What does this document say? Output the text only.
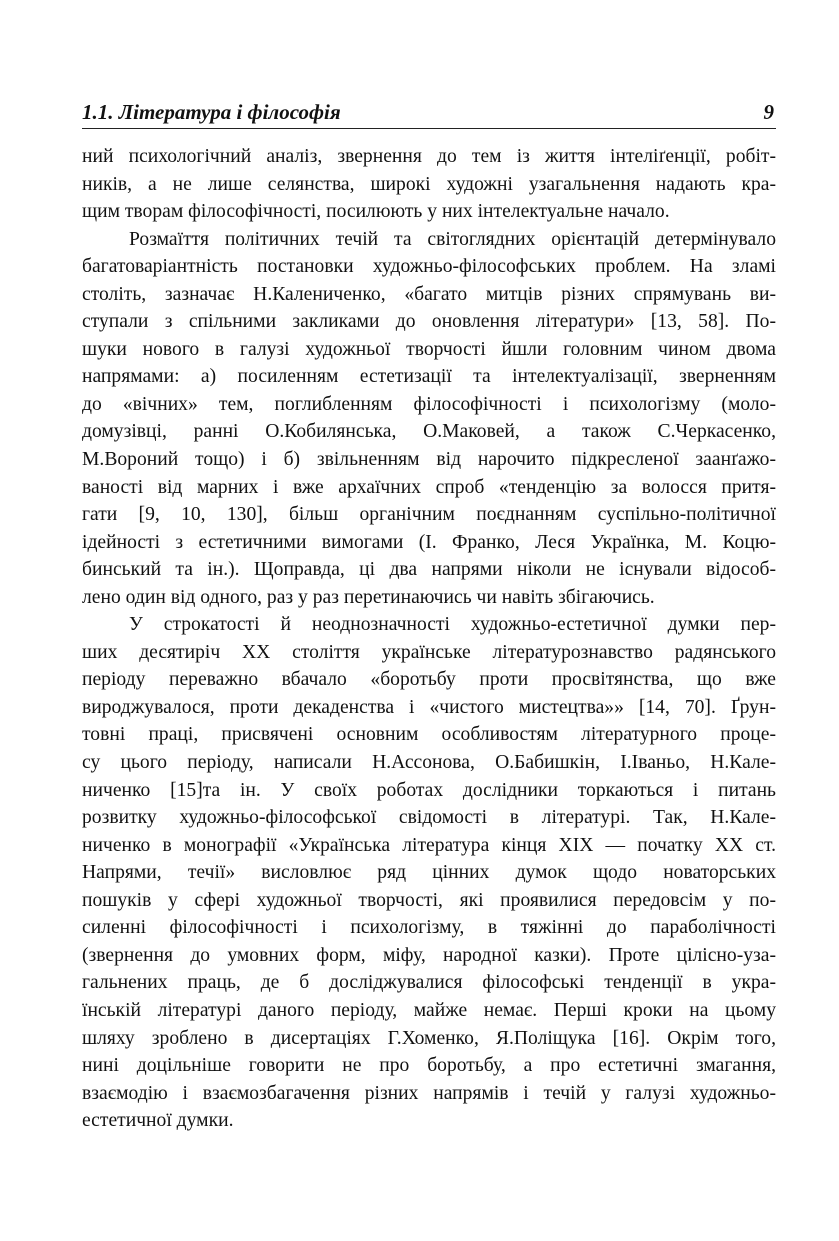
1.1. Література і філософія	9
ний психологічний аналіз, звернення до тем із життя інтеліґенції, робіт-
ників, а не лише селянства, широкі художні узагальнення надають кра-
щим творам філософічності, посилюють у них інтелектуальне начало.
Розмаїття політичних течій та світоглядних орієнтацій детермінувало
багатоваріантність постановки художньо-філософських проблем. На зламі
століть, зазначає Н.Калениченко, «багато митців різних спрямувань ви-
ступали з спільними закликами до оновлення літератури» [13, 58]. По-
шуки нового в галузі художньої творчості йшли головним чином двома
напрямами: а) посиленням естетизації та інтелектуалізації, зверненням
до «вічних» тем, поглибленням філософічності і психологізму (моло-
домузівці, ранні О.Кобилянська, О.Маковей, а також С.Черкасенко,
М.Вороний тощо) і б) звільненням від нарочито підкресленої заанґажо-
ваності від марних і вже архаїчних спроб «тенденцію за волосся притя-
гати [9, 10, 130], більш органічним поєднанням суспільно-політичної
ідейності з естетичними вимогами (І. Франко, Леся Українка, М. Коцю-
бинський та ін.). Щоправда, ці два напрями ніколи не існували відособ-
лено один від одного, раз у раз перетинаючись чи навіть збігаючись.
У строкатості й неоднозначності художньо-естетичної думки пер-
ших десятиріч ХХ століття українське літературознавство радянського
періоду переважно вбачало «боротьбу проти просвітянства, що вже
вироджувалося, проти декаденства і «чистого мистецтва»» [14, 70]. Ґрун-
товні праці, присвячені основним особливостям літературного проце-
су цього періоду, написали Н.Ассонова, О.Бабишкін, І.Іваньо, Н.Кале-
ниченко [15]та ін. У своїх роботах дослідники торкаються і питань
розвитку художньо-філософської свідомості в літературі. Так, Н.Кале-
ниченко в монографії «Українська література кінця ХІХ — початку ХХ ст.
Напрями, течії» висловлює ряд цінних думок щодо новаторських
пошуків у сфері художньої творчості, які проявилися передовсім у по-
силенні філософічності і психологізму, в тяжінні до параболічності
(звернення до умовних форм, міфу, народної казки). Проте цілісно-уза-
гальнених праць, де б досліджувалися філософські тенденції в укра-
їнській літературі даного періоду, майже немає. Перші кроки на цьому
шляху зроблено в дисертаціях Г.Хоменко, Я.Поліщука [16]. Окрім того,
нині доцільніше говорити не про боротьбу, а про естетичні змагання,
взаємодію і взаємозбагачення різних напрямів і течій у галузі художньо-
естетичної думки.
